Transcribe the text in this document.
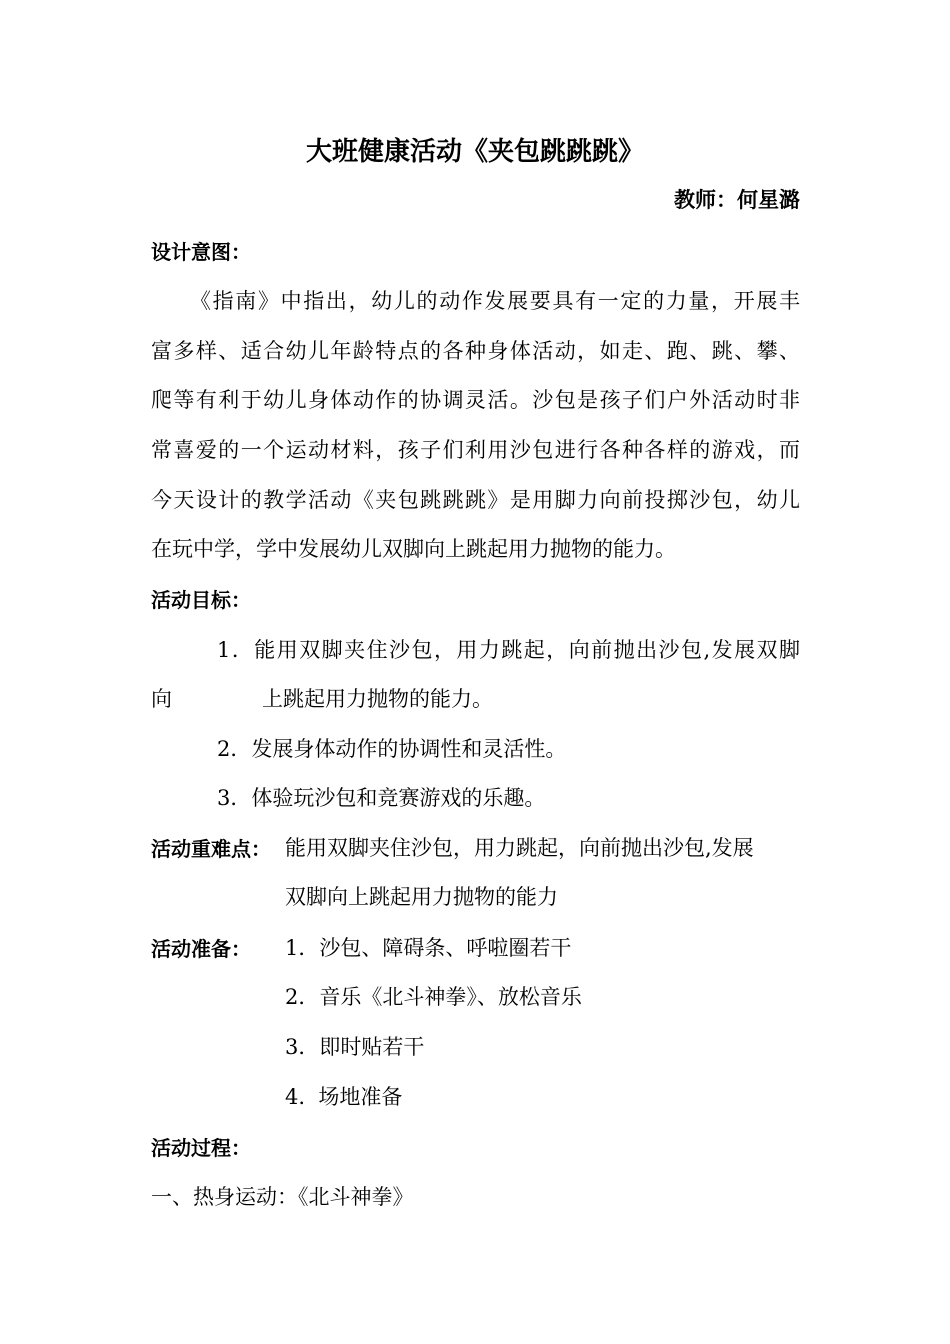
大班健康活动《夹包跳跳跳》
教师：何星潞
设计意图：
《指南》中指出，幼儿的动作发展要具有一定的力量，开展丰
富多样、适合幼儿年龄特点的各种身体活动，如走、跑、跳、攀、
爬等有利于幼儿身体动作的协调灵活。沙包是孩子们户外活动时非
常喜爱的一个运动材料，孩子们利用沙包进行各种各样的游戏，而
今天设计的教学活动《夹包跳跳跳》是用脚力向前投掷沙包，幼儿
在玩中学，学中发展幼儿双脚向上跳起用力抛物的能力。
活动目标：
1．能用双脚夹住沙包，用力跳起，向前抛出沙包,发展双脚
向	上跳起用力抛物的能力。
2．发展身体动作的协调性和灵活性。
3．体验玩沙包和竞赛游戏的乐趣。
活动重难点： 能用双脚夹住沙包，用力跳起，向前抛出沙包,发展
双脚向上跳起用力抛物的能力
活动准备： 1．沙包、障碍条、呼啦圈若干
2．音乐《北斗神拳》、放松音乐
3．即时贴若干
4.  场地准备
活动过程：
一、热身运动：《北斗神拳》
